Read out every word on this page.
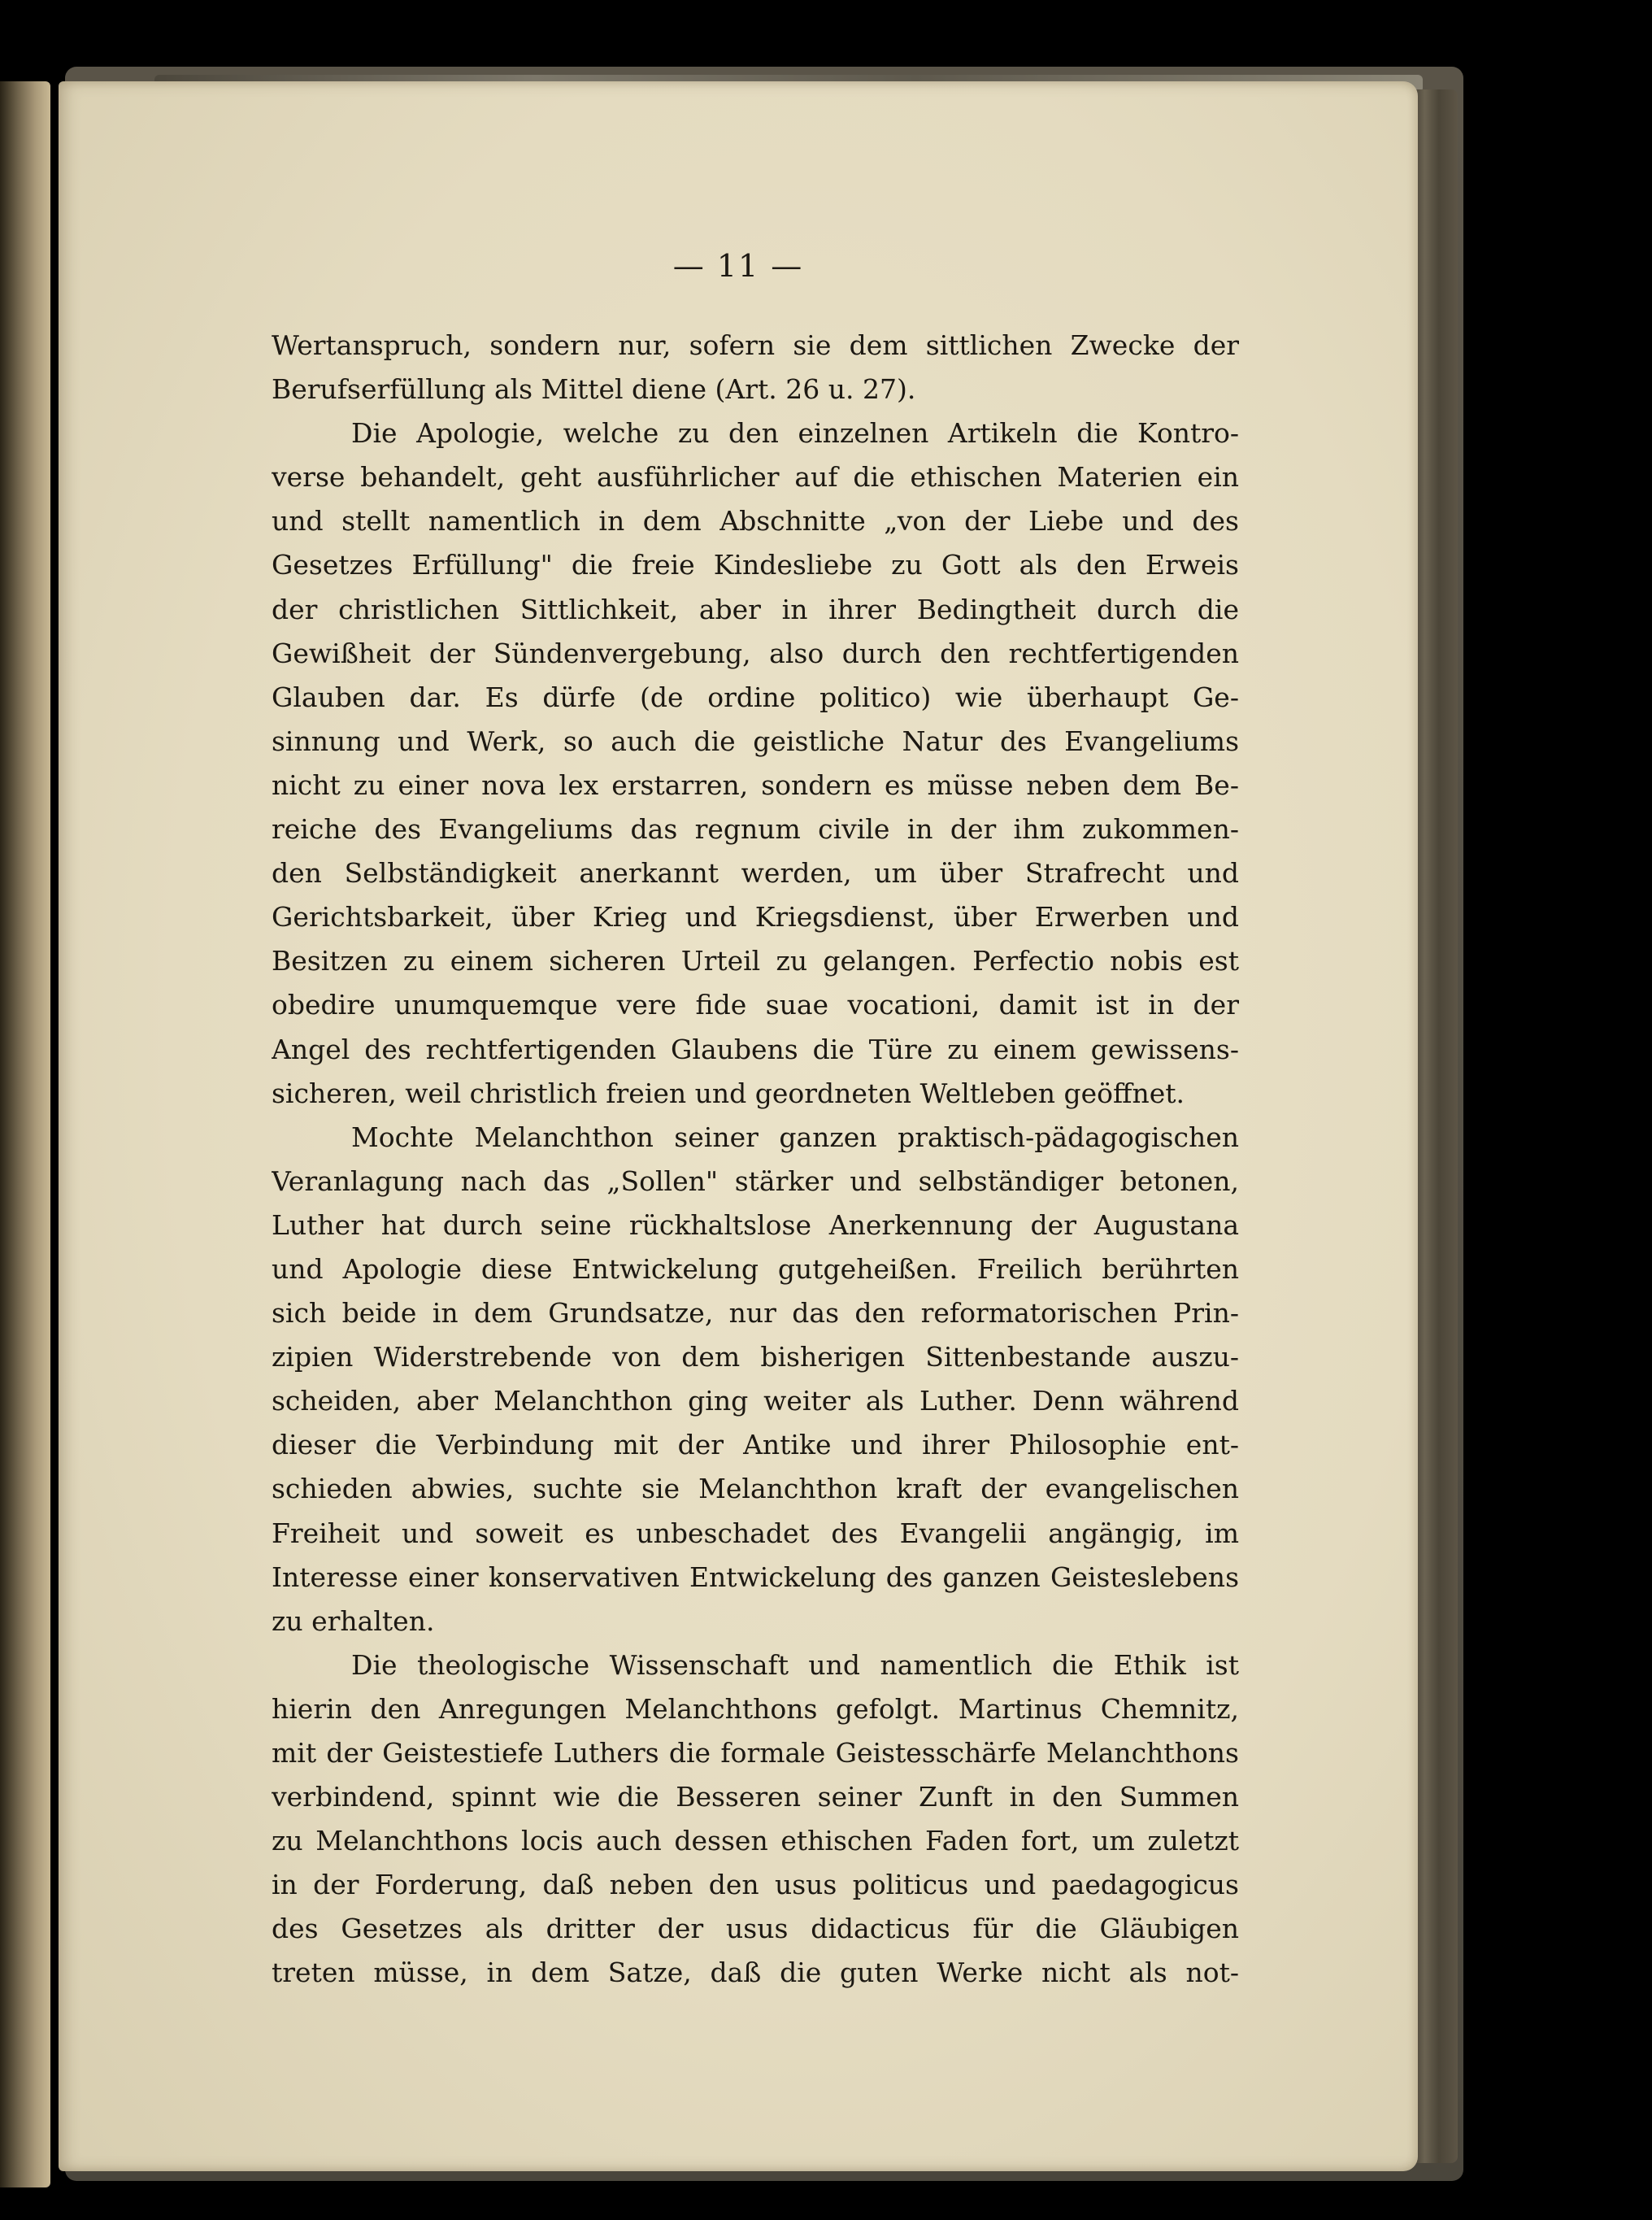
— 11 —
Wertanspruch, sondern nur, sofern sie dem sittlichen Zwecke der
Berufserfüllung als Mittel diene (Art. 26 u. 27).
Die Apologie, welche zu den einzelnen Artikeln die Kontro-
verse behandelt, geht ausführlicher auf die ethischen Materien ein
und stellt namentlich in dem Abschnitte „von der Liebe und des
Gesetzes Erfüllung" die freie Kindesliebe zu Gott als den Erweis
der christlichen Sittlichkeit, aber in ihrer Bedingtheit durch die
Gewißheit der Sündenvergebung, also durch den rechtfertigenden
Glauben dar. Es dürfe (de ordine politico) wie überhaupt Ge-
sinnung und Werk, so auch die geistliche Natur des Evangeliums
nicht zu einer nova lex erstarren, sondern es müsse neben dem Be-
reiche des Evangeliums das regnum civile in der ihm zukommen-
den Selbständigkeit anerkannt werden, um über Strafrecht und
Gerichtsbarkeit, über Krieg und Kriegsdienst, über Erwerben und
Besitzen zu einem sicheren Urteil zu gelangen. Perfectio nobis est
obedire unumquemque vere fide suae vocationi, damit ist in der
Angel des rechtfertigenden Glaubens die Türe zu einem gewissens-
sicheren, weil christlich freien und geordneten Weltleben geöffnet.
Mochte Melanchthon seiner ganzen praktisch-pädagogischen
Veranlagung nach das „Sollen" stärker und selbständiger betonen,
Luther hat durch seine rückhaltslose Anerkennung der Augustana
und Apologie diese Entwickelung gutgeheißen. Freilich berührten
sich beide in dem Grundsatze, nur das den reformatorischen Prin-
zipien Widerstrebende von dem bisherigen Sittenbestande auszu-
scheiden, aber Melanchthon ging weiter als Luther. Denn während
dieser die Verbindung mit der Antike und ihrer Philosophie ent-
schieden abwies, suchte sie Melanchthon kraft der evangelischen
Freiheit und soweit es unbeschadet des Evangelii angängig, im
Interesse einer konservativen Entwickelung des ganzen Geisteslebens
zu erhalten.
Die theologische Wissenschaft und namentlich die Ethik ist
hierin den Anregungen Melanchthons gefolgt. Martinus Chemnitz,
mit der Geistestiefe Luthers die formale Geistesschärfe Melanchthons
verbindend, spinnt wie die Besseren seiner Zunft in den Summen
zu Melanchthons locis auch dessen ethischen Faden fort, um zuletzt
in der Forderung, daß neben den usus politicus und paedagogicus
des Gesetzes als dritter der usus didacticus für die Gläubigen
treten müsse, in dem Satze, daß die guten Werke nicht als not-
